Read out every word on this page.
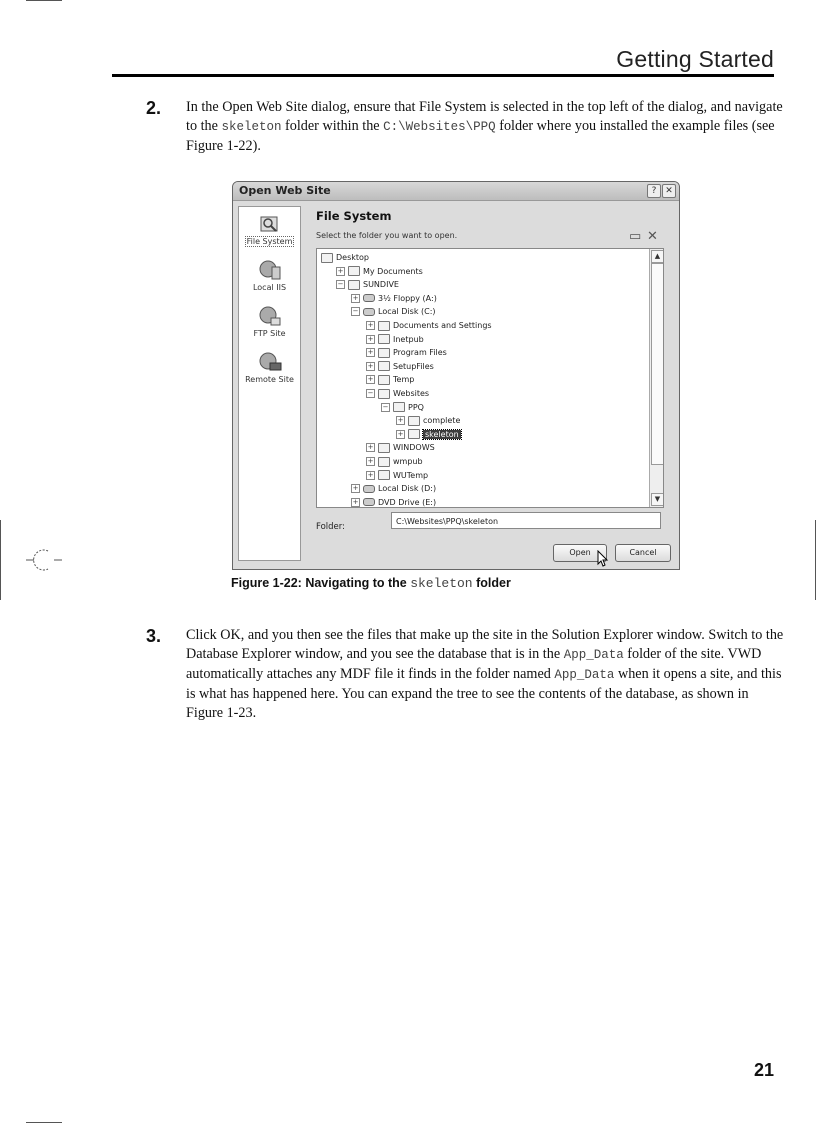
Getting Started
2. In the Open Web Site dialog, ensure that File System is selected in the top left of the dialog, and navigate to the skeleton folder within the C:\Websites\PPQ folder where you installed the example files (see Figure 1-22).
Open Web Site	? ✕
File System
Local IIS
FTP Site
Remote Site
File System
Select the folder you want to open.	▭ ✕
Desktop
+ My Documents
− SUNDIVE
+ 3½ Floppy (A:)
− Local Disk (C:)
+ Documents and Settings
+ Inetpub
+ Program Files
+ SetupFiles
+ Temp
− Websites
− PPQ
+ complete
+	skeleton
+ WINDOWS
+ wmpub
+ WUTemp
+ Local Disk (D:)
+ DVD Drive (E:)
▲
▼
Folder:
C:\Websites\PPQ\skeleton
Open	Cancel
Figure 1-22: Navigating to the skeleton folder
3. Click OK, and you then see the files that make up the site in the Solution Explorer window. Switch to the Database Explorer window, and you see the database that is in the App_Data folder of the site. VWD automatically attaches any MDF file it finds in the folder named App_Data when it opens a site, and this is what has happened here. You can expand the tree to see the contents of the database, as shown in Figure 1-23.
21
